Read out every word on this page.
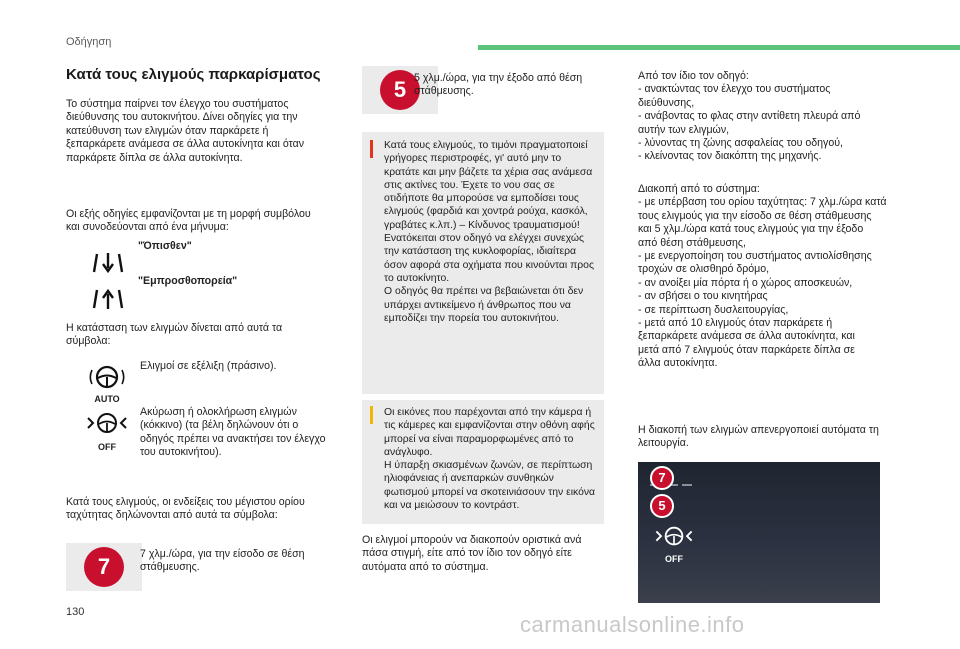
Οδήγηση
Κατά τους ελιγμούς παρκαρίσματος
Το σύστημα παίρνει τον έλεγχο του συστήματος διεύθυνσης του αυτοκινήτου. Δίνει οδηγίες για την κατεύθυνση των ελιγμών όταν παρκάρετε ή ξεπαρκάρετε ανάμεσα σε άλλα αυτοκίνητα και όταν παρκάρετε δίπλα σε άλλα αυτοκίνητα.
Οι εξής οδηγίες εμφανίζονται με τη μορφή συμβόλου και συνοδεύονται από ένα μήνυμα:
"Όπισθεν"
"Εμπροσθοπορεία"
Η κατάσταση των ελιγμών δίνεται από αυτά τα σύμβολα:
AUTO
Ελιγμοί σε εξέλιξη (πράσινο).
OFF
Ακύρωση ή ολοκλήρωση ελιγμών (κόκκινο) (τα βέλη δηλώνουν ότι ο οδηγός πρέπει να ανακτήσει τον έλεγχο του αυτοκινήτου).
Κατά τους ελιγμούς, οι ενδείξεις του μέγιστου ορίου ταχύτητας δηλώνονται από αυτά τα σύμβολα:
7
7 χλμ./ώρα, για την είσοδο σε θέση στάθμευσης.
5 5 χλμ./ώρα, για την έξοδο από θέση στάθμευσης.
Κατά τους ελιγμούς, το τιμόνι πραγματοποιεί γρήγορες περιστροφές, γι' αυτό μην το κρατάτε και μην βάζετε τα χέρια σας ανάμεσα στις ακτίνες του. Έχετε το νου σας σε οτιδήποτε θα μπορούσε να εμποδίσει τους ελιγμούς (φαρδιά και χοντρά ρούχα, κασκόλ, γραβάτες κ.λπ.) – Κίνδυνος τραυματισμού!
Ενατόκειται στον οδηγό να ελέγχει συνεχώς την κατάσταση της κυκλοφορίας, ιδιαίτερα όσον αφορά στα οχήματα που κινούνται προς το αυτοκίνητο.
Ο οδηγός θα πρέπει να βεβαιώνεται ότι δεν υπάρχει αντικείμενο ή άνθρωπος που να εμποδίζει την πορεία του αυτοκινήτου.
Οι εικόνες που παρέχονται από την κάμερα ή τις κάμερες και εμφανίζονται στην οθόνη αφής μπορεί να είναι παραμορφωμένες από το ανάγλυφο.
Η ύπαρξη σκιασμένων ζωνών, σε περίπτωση ηλιοφάνειας ή ανεπαρκών συνθηκών φωτισμού μπορεί να σκοτεινιάσουν την εικόνα και να μειώσουν το κοντράστ.
Οι ελιγμοί μπορούν να διακοπούν οριστικά ανά πάσα στιγμή, είτε από τον ίδιο τον οδηγό είτε αυτόματα από το σύστημα.
Από τον ίδιο τον οδηγό:
- ανακτώντας τον έλεγχο του συστήματος
διεύθυνσης,
- ανάβοντας το φλας στην αντίθετη πλευρά από
αυτήν των ελιγμών,
- λύνοντας τη ζώνης ασφαλείας του οδηγού,
- κλείνοντας τον διακόπτη της μηχανής.
Διακοπή από το σύστημα:
- με υπέρβαση του ορίου ταχύτητας: 7 χλμ./ώρα κατά
τους ελιγμούς για την είσοδο σε θέση στάθμευσης
και 5 χλμ./ώρα κατά τους ελιγμούς για την έξοδο
από θέση στάθμευσης,
- με ενεργοποίηση του συστήματος αντιολίσθησης
τροχών σε ολισθηρό δρόμο,
- αν ανοίξει μία πόρτα ή ο χώρος αποσκευών,
- αν σβήσει ο του κινητήρας
- σε περίπτωση δυσλειτουργίας,
- μετά από 10 ελιγμούς όταν παρκάρετε ή
ξεπαρκάρετε ανάμεσα σε άλλα αυτοκίνητα, και
μετά από 7 ελιγμούς όταν παρκάρετε δίπλα σε
άλλα αυτοκίνητα.
Η διακοπή των ελιγμών απενεργοποιεί αυτόματα τη λειτουργία.
7
5
OFF
130	carmanualsonline.info
